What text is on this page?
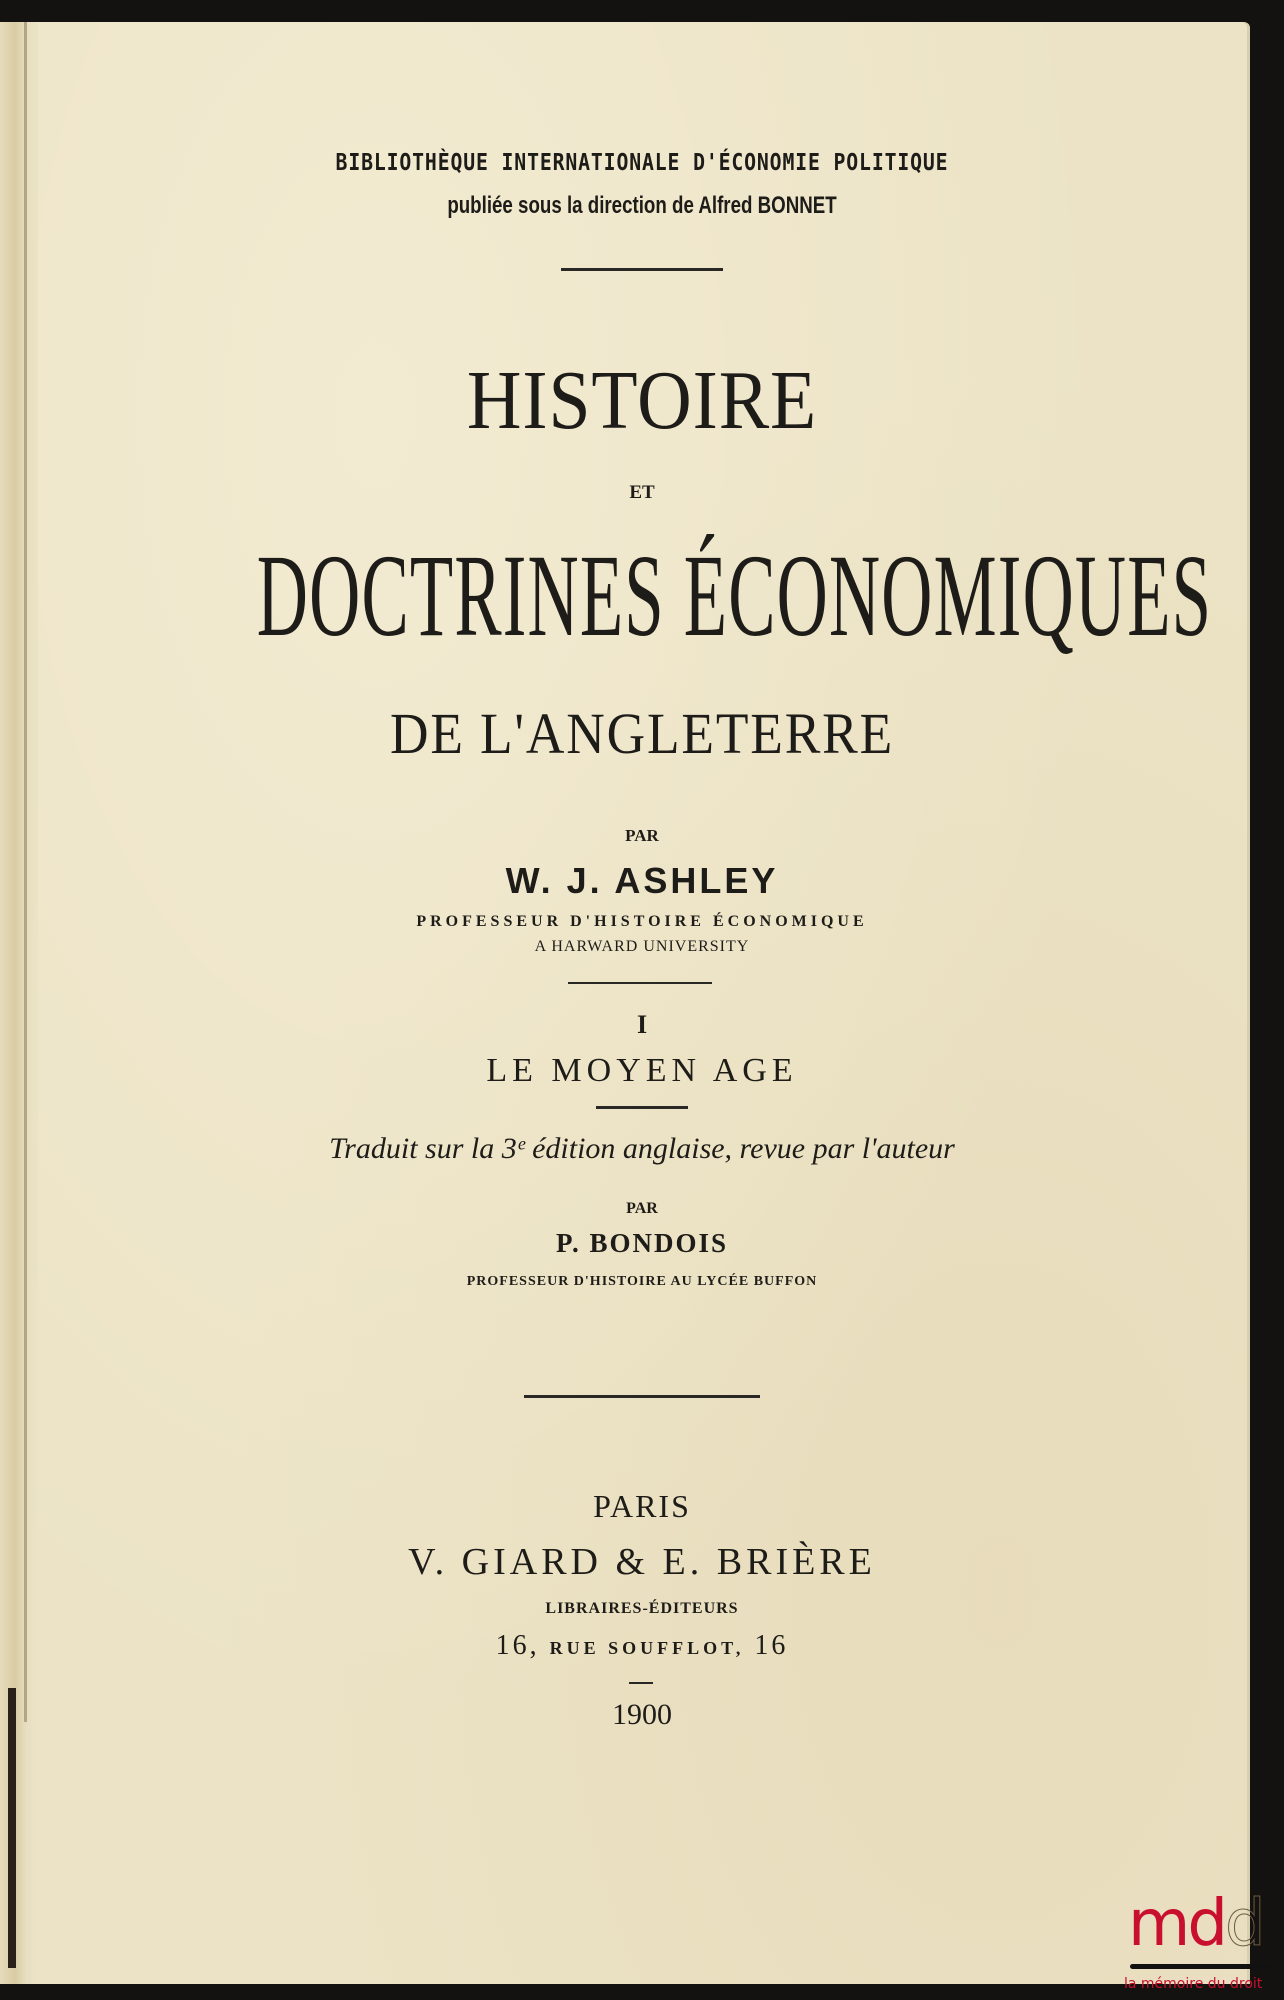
BIBLIOTHÈQUE INTERNATIONALE D'ÉCONOMIE POLITIQUE
publiée sous la direction de Alfred BONNET
HISTOIRE
ET
DOCTRINES ÉCONOMIQUES
DE L'ANGLETERRE
PAR
W. J. ASHLEY
PROFESSEUR D'HISTOIRE ÉCONOMIQUE
A HARWARD UNIVERSITY
I
LE MOYEN AGE
Traduit sur la 3ᵉ édition anglaise, revue par l'auteur
PAR
P. BONDOIS
PROFESSEUR D'HISTOIRE AU LYCÉE BUFFON
PARIS
V. GIARD & E. BRIÈRE
LIBRAIRES-ÉDITEURS
16, RUE SOUFFLOT, 16
1900
mdd
la mémoire du droit
